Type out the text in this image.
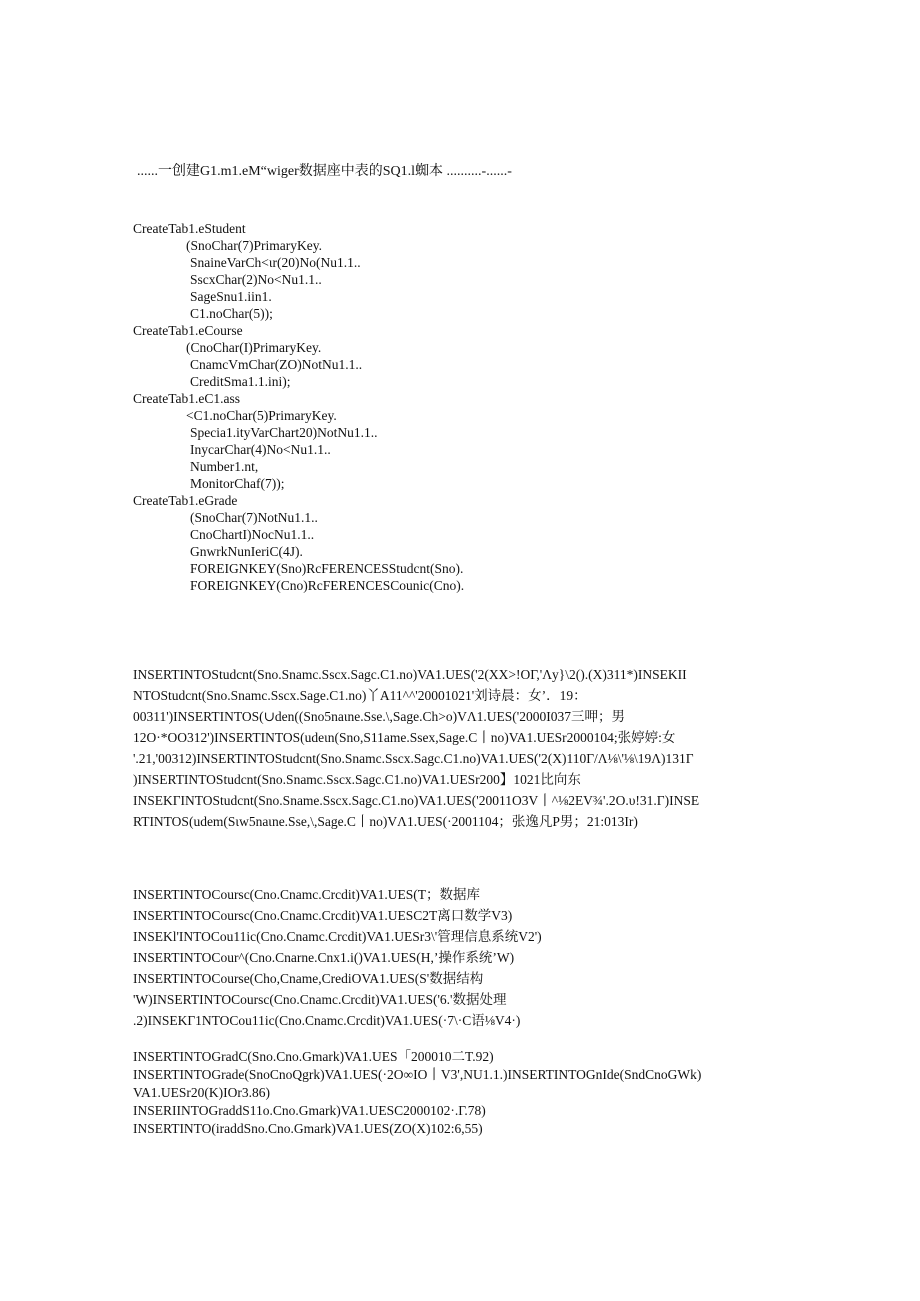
......一创建G1.m1.eM“wiger数据座中表的SQ1.l蜘本 ..........-......-
CreateTab1.eStudent
(SnoChar(7)PrimaryKey.
SnaineVarCh<ιr(20)No(Nu1.1..
SscxChar(2)No<Nu1.1..
SageSnu1.iin1.
C1.noChar(5));
CreateTab1.eCourse
(CnoChar(I)PrimaryKey.
CnamcVmChar(ZO)NotNu1.1..
CreditSma1.1.ini);
CreateTab1.eC1.ass
<C1.noChar(5)PrimaryKey.
Specia1.ityVarChart20)NotNu1.1..
InycarChar(4)No<Nu1.1..
Number1.nt,
MonitorChaf(7));
CreateTab1.eGrade
(SnoChar(7)NotNu1.1..
CnoChartI)NocNu1.1..
GnwrkNunIeriC(4J).
FOREIGNKEY(Sno)RcFERENCESStudcnt(Sno).
FOREIGNKEY(Cno)RcFERENCESCounic(Cno).
INSERTINTOStudcnt(Sno.Snamc.Sscx.Sagc.C1.no)VA1.UES('2(XX>!OΓ,'Λy}\2().(X)311*)INSEKII
NTOStudcnt(Sno.Snamc.Sscx.Sage.C1.no)丫A11^^'20001021'刘诗晨：女’．19：
00311')INSERTINTOS(∪den((Sno5naιne.Sse.\,Sage.Ch>o)VΛ1.UES('2000I037三呷；男
12O·*OO312')INSERTINTOS(udeιn(Sno,S11ame.Ssex,Sage.C丨no)VA1.UESr2000104;张婷婷:女
'.21,'00312)INSERTINTOStudcnt(Sno.Snamc.Sscx.Sagc.C1.no)VA1.UES('2(X)110Γ/Λ⅛\'⅛\19Λ)131Γ
)INSERTINTOStudcnt(Sno.Snamc.Sscx.Sagc.C1.no)VA1.UESr200】1021比向东
INSEKΓINTOStudcnt(Sno.Sname.Sscx.Sagc.C1.no)VA1.UES('20011O3V丨^⅛2EV¾'.2O.υ!31.Γ)INSE
RTINTOS(udem(Sιw5naιne.Sse,\,Sage.C丨no)VΛ1.UES(·2001104；张逸凡P男；21:013Ir)
INSERTINTOCoursc(Cno.Cnamc.Crcdit)VA1.UES(T；数据库
INSERTINTOCoursc(Cno.Cnamc.Crcdit)VA1.UESC2T离口数学V3)
INSEKl'INTOCou11ic(Cno.Cnamc.Crcdit)VA1.UESr3\'管理信息系统V2')
INSERTINTOCour^(Cno.Cnarne.Cnx1.i()VA1.UES(H,’操作系统’W)
INSERTINTOCourse(Cho,Cname,CrediOVA1.UES(S'数据结构
'W)INSERTINTOCoursc(Cno.Cnamc.Crcdit)VA1.UES('6.'数据处理
.2)INSEKΓ1NTOCou11ic(Cno.Cnamc.Crcdit)VA1.UES(·7\·C语⅛V4·)
INSERTINTOGradC(Sno.Cno.Gmark)VA1.UES「200010二T.92)
INSERTINTOGrade(SnoCnoQgrk)VA1.UES(·2O∞IO丨V3',NU1.1.)INSERTINTOGnIde(SndCnoGWk)
VA1.UESr20(K)IOr3.86)
INSERIINTOGraddS11o.Cno.Gmark)VA1.UESC2000102·.Γ.78)
INSERTINTO(iraddSno.Cno.Gmark)VA1.UES(ZO(X)102:6,55)
